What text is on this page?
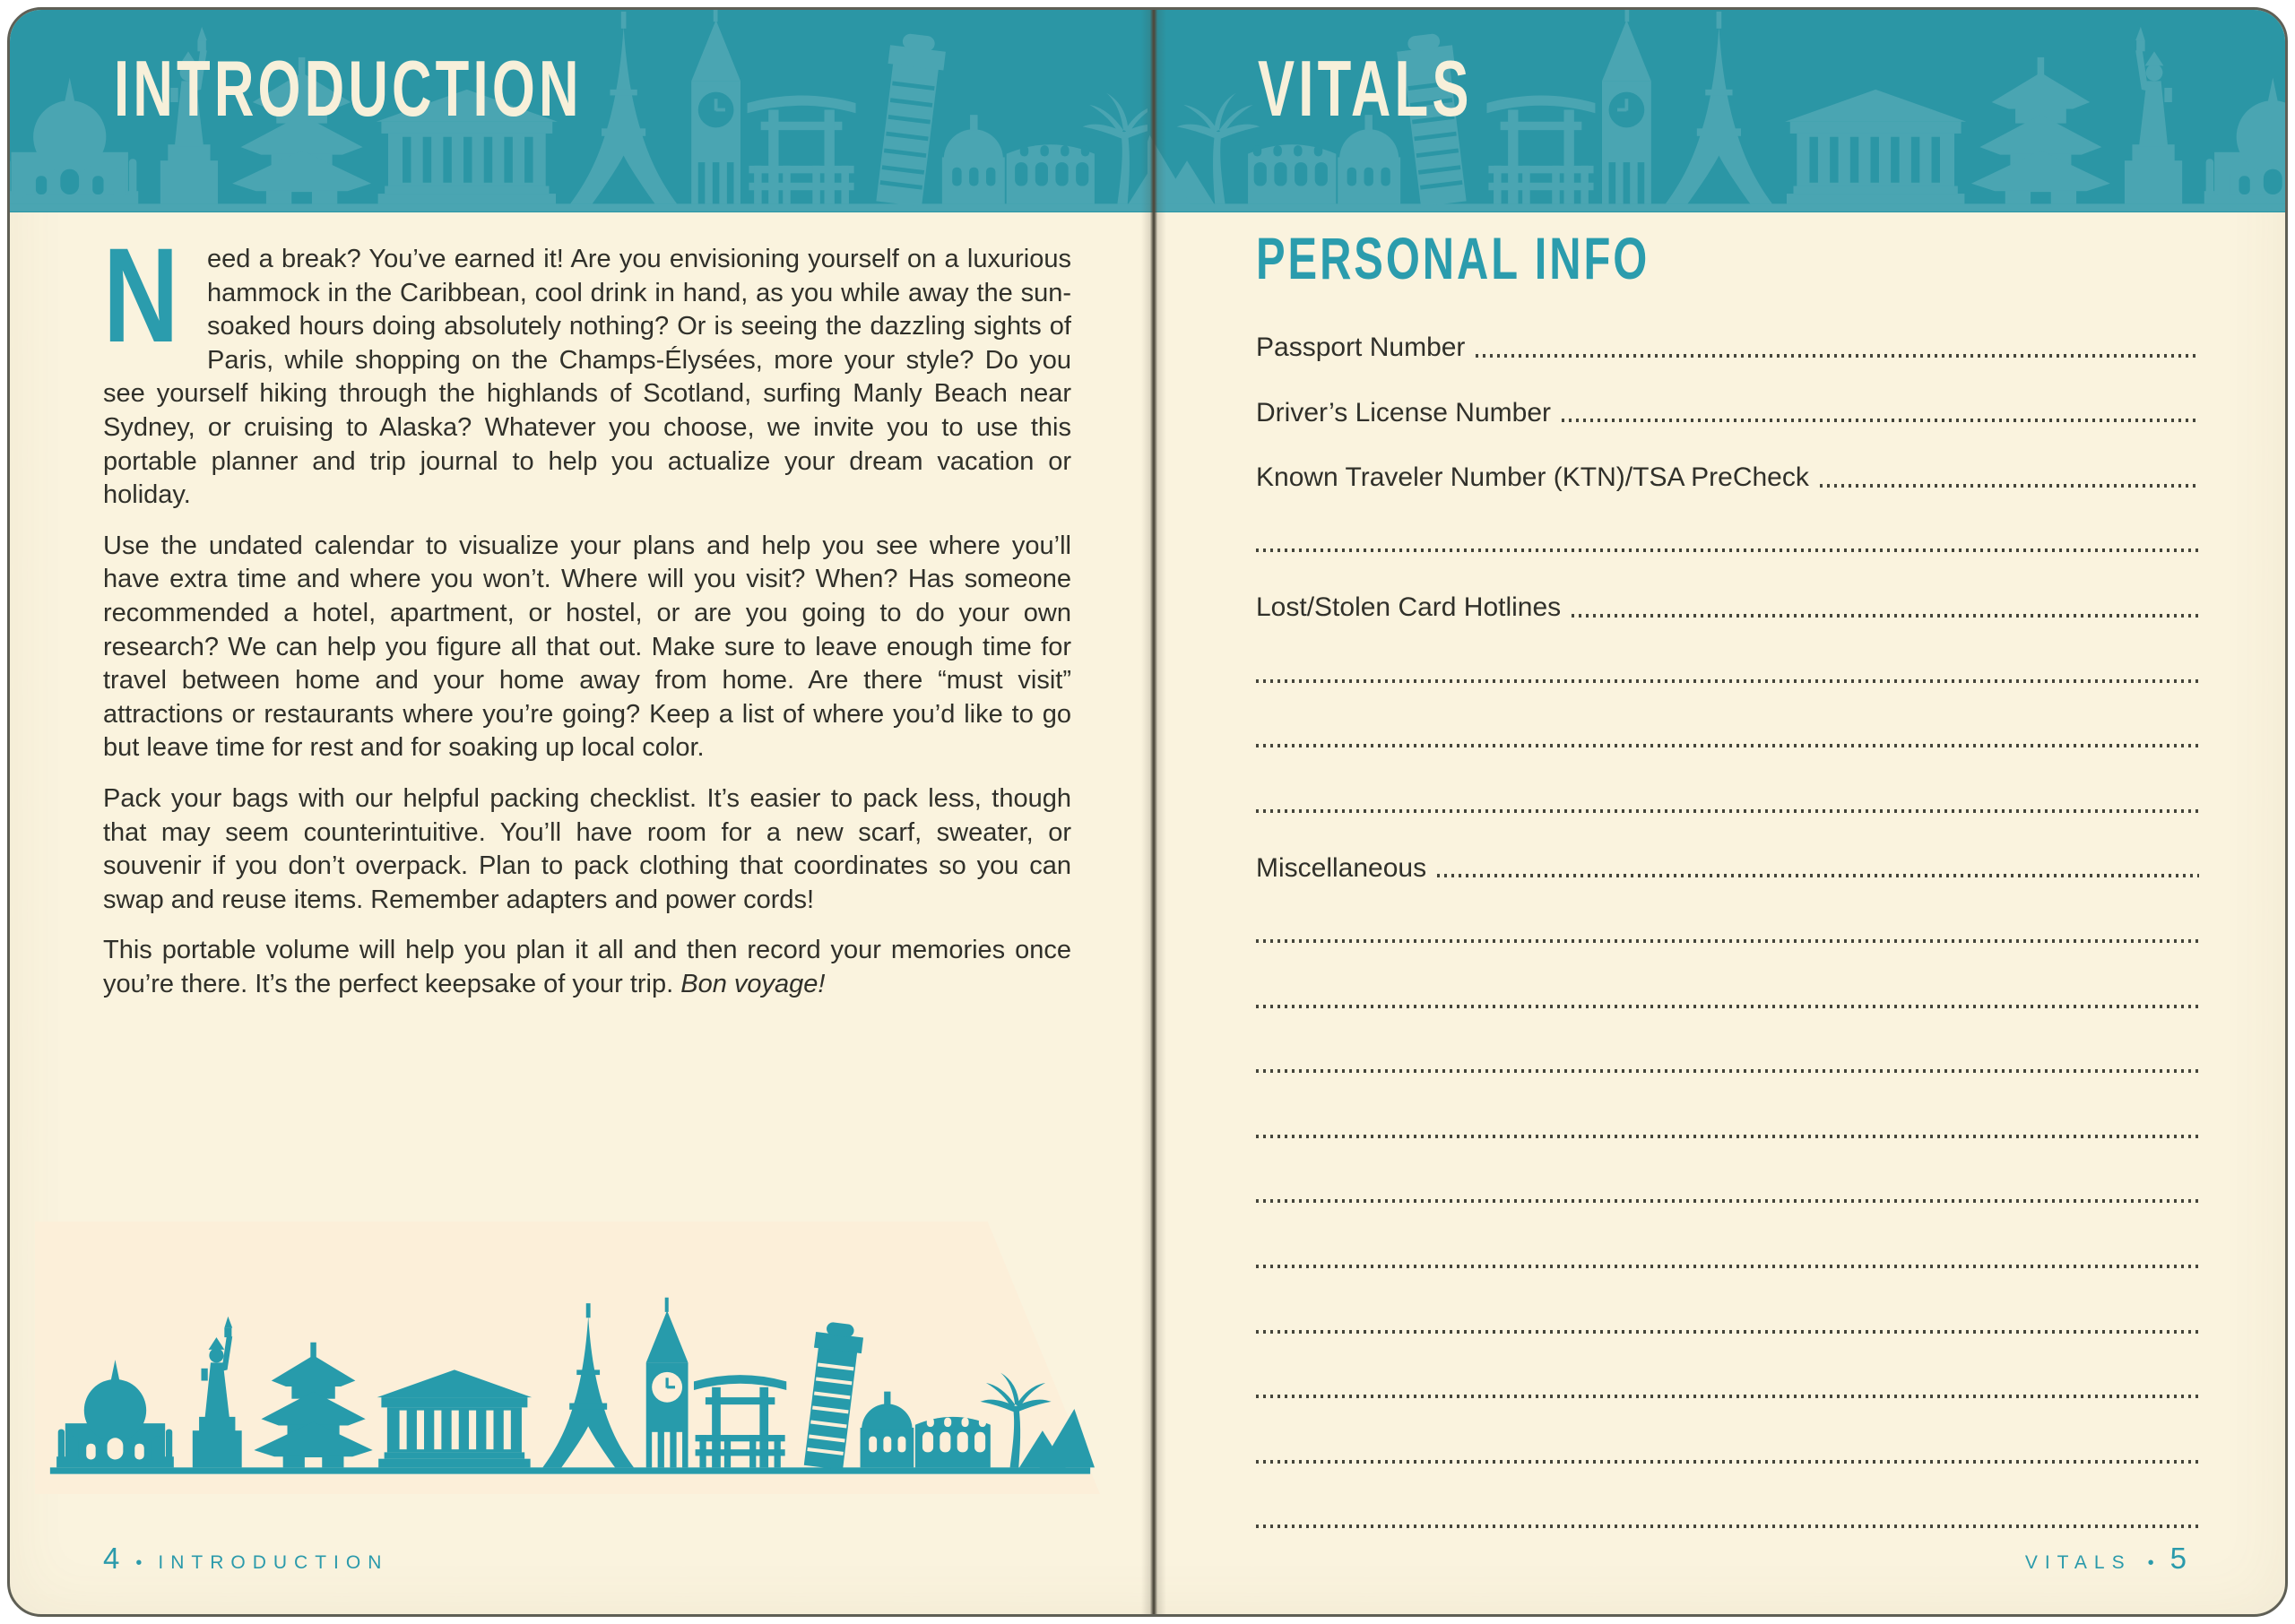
INTRODUCTION	VITALS

N eed a break? You’ve earned it! Are you envisioning yourself on a luxurious hammock in the Caribbean, cool drink in hand, as you while away the sun-soaked hours doing absolutely nothing? Or is seeing the dazzling sights of Paris, while shopping on the Champs-Élysées, more your style? Do you see yourself hiking through the highlands of Scotland, surfing Manly Beach near Sydney, or cruising to Alaska? Whatever you choose, we invite you to use this portable planner and trip journal to help you actualize your dream vacation or holiday.

Use the undated calendar to visualize your plans and help you see where you’ll have extra time and where you won’t. Where will you visit? When? Has someone recommended a hotel, apartment, or hostel, or are you going to do your own research? We can help you figure all that out. Make sure to leave enough time for travel between home and your home away from home. Are there “must visit” attractions or restaurants where you’re going? Keep a list of where you’d like to go but leave time for rest and for soaking up local color.

Pack your bags with our helpful packing checklist. It’s easier to pack less, though that may seem counterintuitive. You’ll have room for a new scarf, sweater, or souvenir if you don’t overpack. Plan to pack clothing that coordinates so you can swap and reuse items. Remember adapters and power cords!

This portable volume will help you plan it all and then record your memories once you’re there. It’s the perfect keepsake of your trip. Bon voyage!

PERSONAL INFO
Passport Number
Driver’s License Number
Known Traveler Number (KTN)/TSA PreCheck
Lost/Stolen Card Hotlines
Miscellaneous
4 • INTRODUCTION	VITALS • 5
